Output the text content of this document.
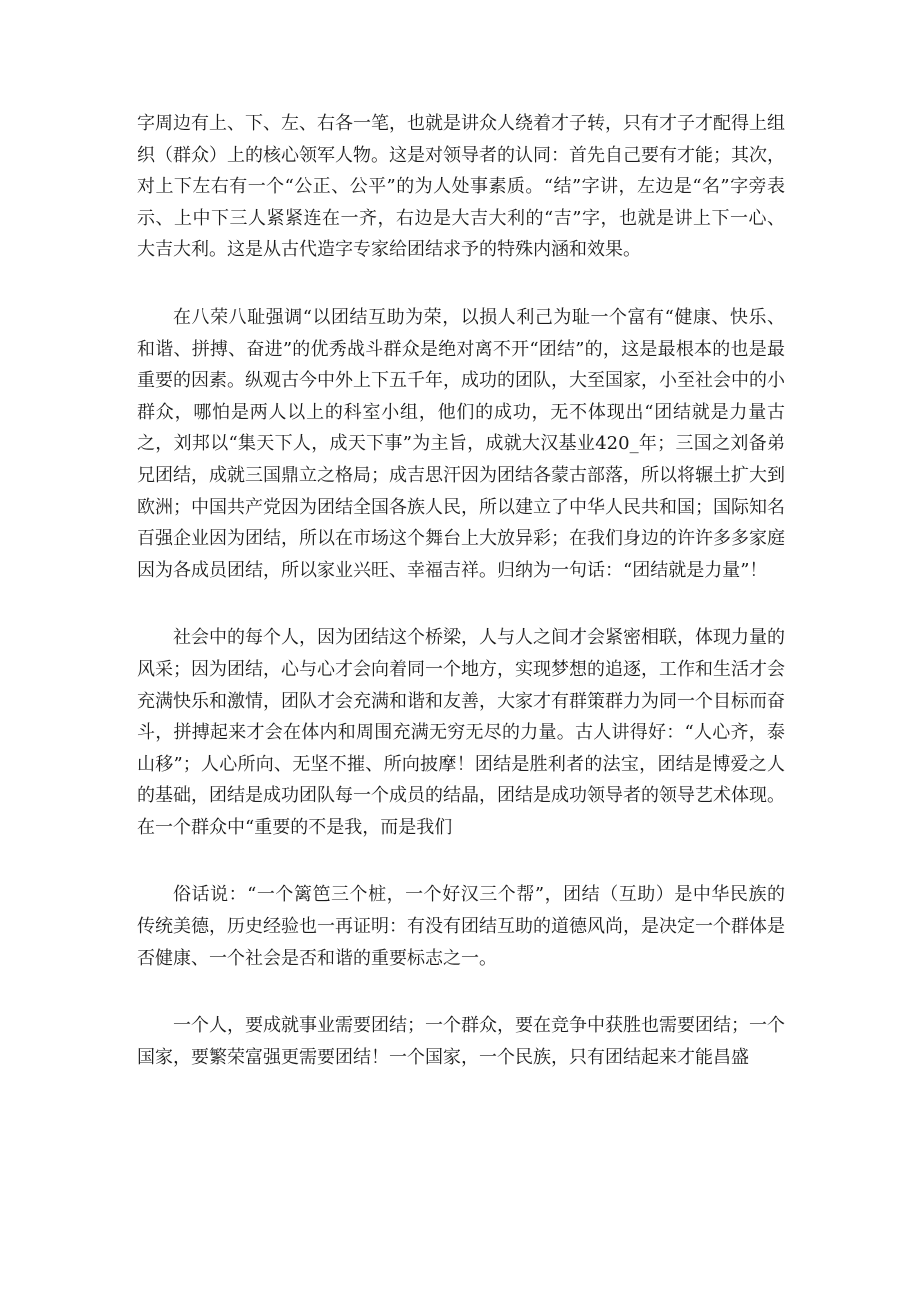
字周边有上、下、左、右各一笔，也就是讲众人绕着才子转，只有才子才配得上组织（群众）上的核心领军人物。这是对领导者的认同：首先自己要有才能；其次，对上下左右有一个“公正、公平”的为人处事素质。“结”字讲，左边是“名”字旁表示、上中下三人紧紧连在一齐，右边是大吉大利的“吉”字，也就是讲上下一心、大吉大利。这是从古代造字专家给团结求予的特殊内涵和效果。

在八荣八耻强调“以团结互助为荣，以损人利己为耻一个富有“健康、快乐、和谐、拼搏、奋进”的优秀战斗群众是绝对离不开“团结”的，这是最根本的也是最重要的因素。纵观古今中外上下五千年，成功的团队，大至国家，小至社会中的小群众，哪怕是两人以上的科室小组，他们的成功，无不体现出“团结就是力量古之，刘邦以“集天下人，成天下事”为主旨，成就大汉基业420_年；三国之刘备弟兄团结，成就三国鼎立之格局；成吉思汗因为团结各蒙古部落，所以将辗土扩大到欧洲；中国共产党因为团结全国各族人民，所以建立了中华人民共和国；国际知名百强企业因为团结，所以在市场这个舞台上大放异彩；在我们身边的许许多多家庭因为各成员团结，所以家业兴旺、幸福吉祥。归纳为一句话：“团结就是力量”！

社会中的每个人，因为团结这个桥梁，人与人之间才会紧密相联，体现力量的风采；因为团结，心与心才会向着同一个地方，实现梦想的追逐，工作和生活才会充满快乐和激情，团队才会充满和谐和友善，大家才有群策群力为同一个目标而奋斗，拼搏起来才会在体内和周围充满无穷无尽的力量。古人讲得好：“人心齐，泰山移”；人心所向、无坚不摧、所向披摩！团结是胜利者的法宝，团结是博爱之人的基础，团结是成功团队每一个成员的结晶，团结是成功领导者的领导艺术体现。在一个群众中“重要的不是我，而是我们

俗话说：“一个篱笆三个桩，一个好汉三个帮”，团结（互助）是中华民族的传统美德，历史经验也一再证明：有没有团结互助的道德风尚，是决定一个群体是否健康、一个社会是否和谐的重要标志之一。

一个人，要成就事业需要团结；一个群众，要在竞争中获胜也需要团结；一个国家，要繁荣富强更需要团结！一个国家，一个民族，只有团结起来才能昌盛
